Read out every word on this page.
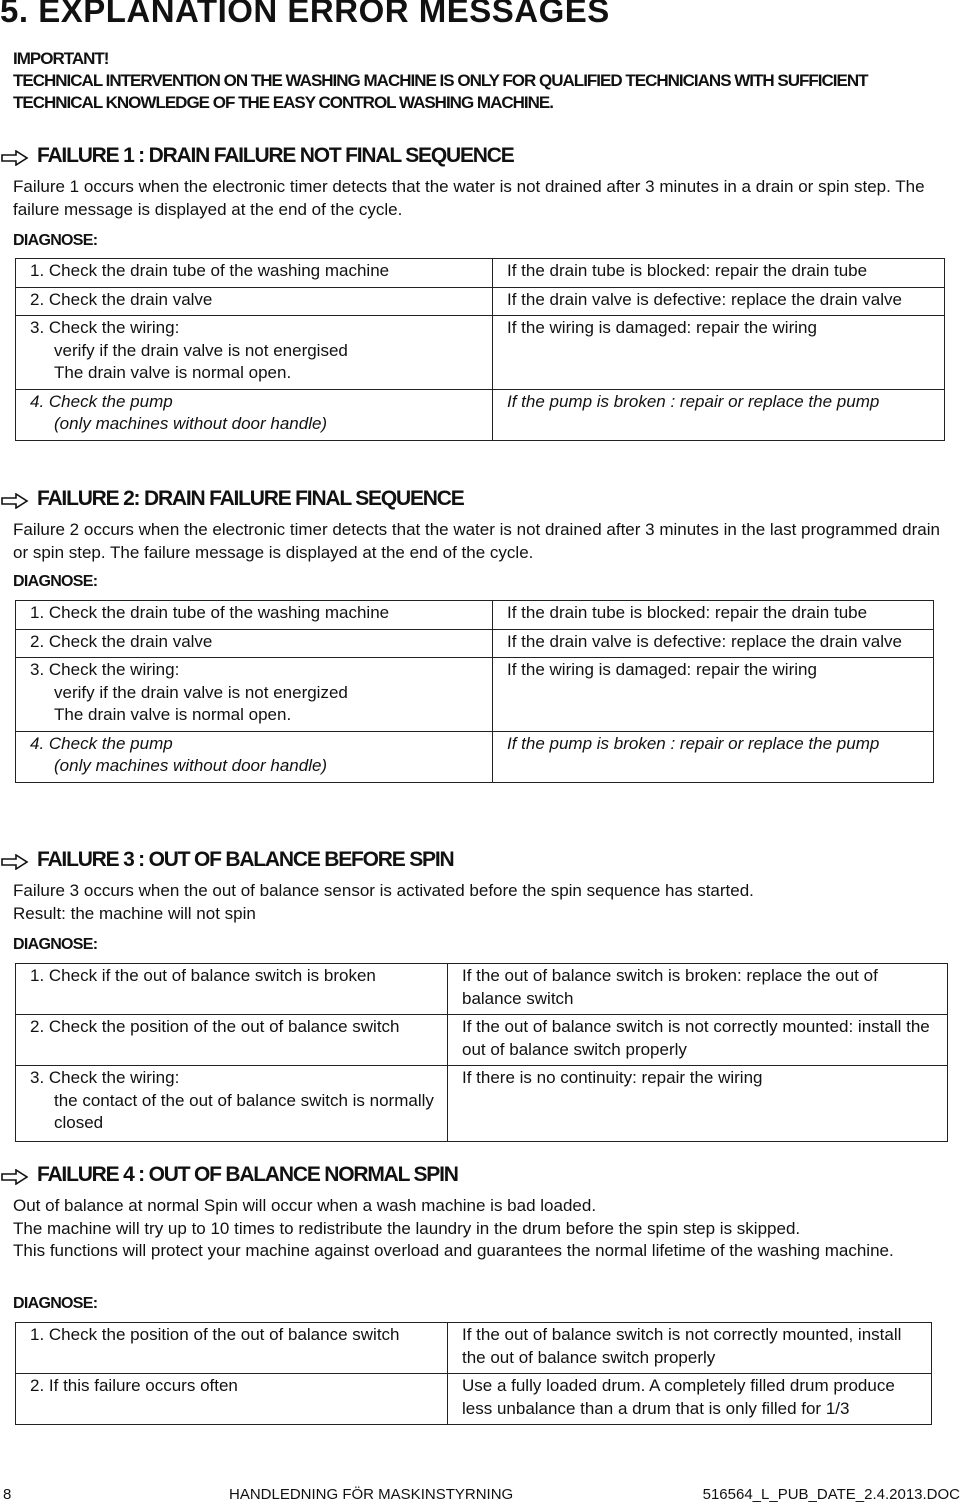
5. EXPLANATION ERROR MESSAGES
IMPORTANT!
TECHNICAL INTERVENTION ON THE WASHING MACHINE IS ONLY FOR QUALIFIED TECHNICIANS WITH SUFFICIENT
TECHNICAL KNOWLEDGE OF THE EASY CONTROL WASHING MACHINE.
FAILURE 1 : DRAIN FAILURE NOT FINAL SEQUENCE

Failure 1 occurs when the electronic timer detects that the water is not drained after 3 minutes in a drain or spin step. The failure message is displayed at the end of the cycle.

DIAGNOSE:
1. Check the drain tube of the washing machine	If the drain tube is blocked: repair the drain tube

2. Check the drain valve	If the drain valve is defective: replace the drain valve

3. Check the wiring:
verify if the drain valve is not energised
The drain valve is normal open.	If the wiring is damaged: repair the wiring

4. Check the pump
(only machines without door handle)	If the pump is broken : repair or replace the pump
FAILURE 2: DRAIN FAILURE FINAL SEQUENCE

Failure 2 occurs when the electronic timer detects that the water is not drained after 3 minutes in the last programmed drain or spin step. The failure message is displayed at the end of the cycle.

DIAGNOSE:
1. Check the drain tube of the washing machine	If the drain tube is blocked: repair the drain tube

2. Check the drain valve	If the drain valve is defective: replace the drain valve

3. Check the wiring:
verify if the drain valve is not energized
The drain valve is normal open.	If the wiring is damaged: repair the wiring

4. Check the pump
(only machines without door handle)	If the pump is broken : repair or replace the pump
FAILURE 3 : OUT OF BALANCE BEFORE SPIN

Failure 3 occurs when the out of balance sensor is activated before the spin sequence has started.

Result: the machine will not spin

DIAGNOSE:
1. Check if the out of balance switch is broken	If the out of balance switch is broken: replace the out of balance switch

2. Check the position of the out of balance switch	If the out of balance switch is not correctly mounted: install the out of balance switch properly

3. Check the wiring:
the contact of the out of balance switch is normally closed	If there is no continuity: repair the wiring
FAILURE 4 : OUT OF BALANCE NORMAL SPIN

Out of balance at normal Spin will occur when a wash machine is bad loaded.

The machine will try up to 10 times to redistribute the laundry in the drum before the spin step is skipped.

This functions will protect your machine against overload and guarantees the normal lifetime of the washing machine.

DIAGNOSE:
1. Check the position of the out of balance switch	If the out of balance switch is not correctly mounted, install the out of balance switch properly

2. If this failure occurs often	Use a fully loaded drum. A completely filled drum produce less unbalance than a drum that is only filled for 1/3
8	HANDLEDNING FÖR MASKINSTYRNING	516564_L_PUB_DATE_2.4.2013.DOC
